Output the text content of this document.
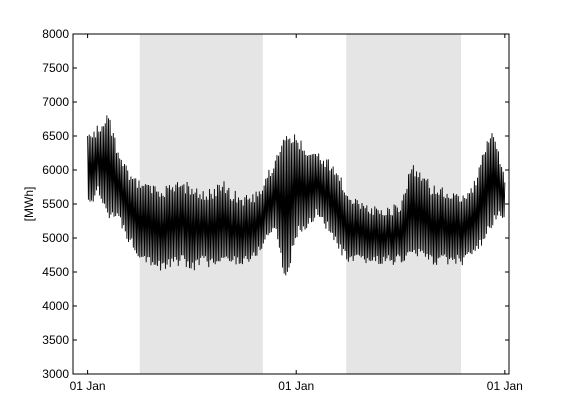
3000
3500
4000
4500
5000
5500
6000
6500
7000
7500
8000
01 Jan	01 Jan	01 Jan
[MWh]
